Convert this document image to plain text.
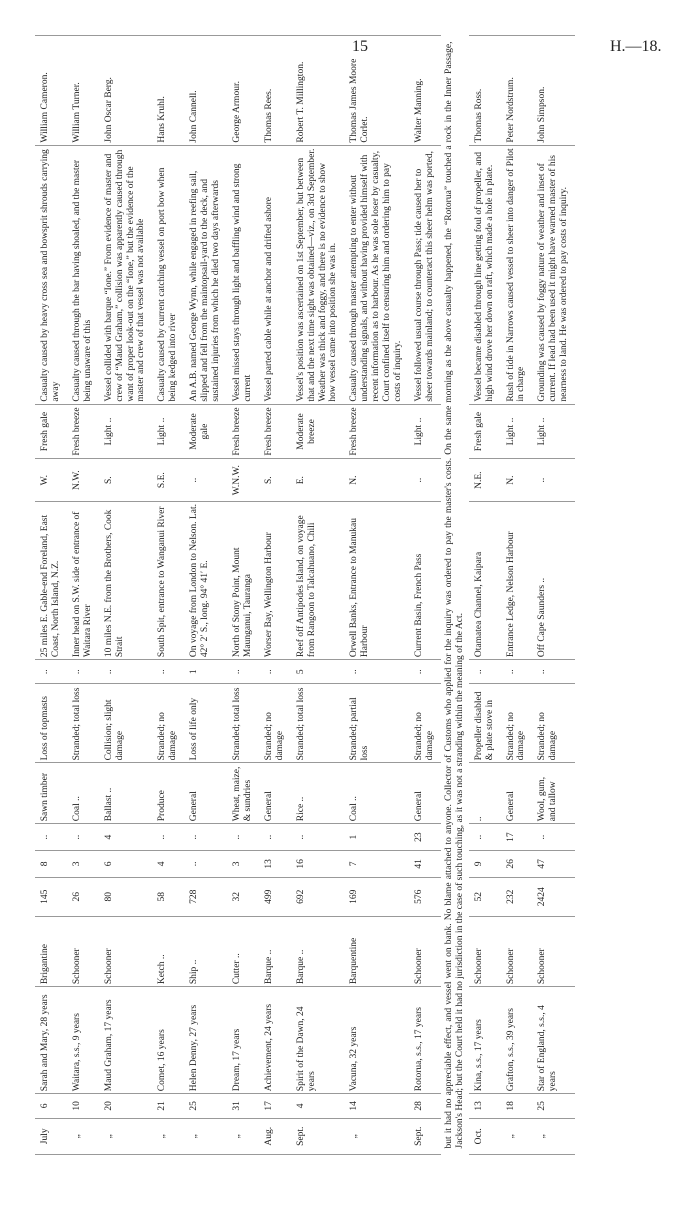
15	H.—18.
July	6	Sarah and Mary, 28 years	Brigantine	145	8	..	Sawn timber	Loss of topmasts	..	25 miles E. Gable-end Foreland, East Coast, North Island, N.Z.	W.	Fresh gale	Casualty caused by heavy cross sea and bowsprit shrouds carrying away	William Cameron.
„	10	Waitara, s.s., 9 years	Schooner	26	3	..	Coal ..	Stranded; total loss	..	Inner head on S.W. side of entrance of Waitara River	N.W.	Fresh breeze	Casualty caused through the bar having shoaled, and the master being unaware of this	William Turner.
„	20	Maud Graham, 17 years	Schooner	80	6	4	Ballast ..	Collision; slight damage	..	10 miles N.E. from the Brothers, Cook Strait	S.	Light ..	Vessel collided with barque “Ione.” From evidence of master and crew of “Maud Graham,” collision was apparently caused through want of proper look-out on the “Ione,” but the evidence of the master and crew of that vessel was not available	John Oscar Berg.
„	21	Comet, 16 years	Ketch ..	58	4	..	Produce	Stranded; no damage	..	South Spit, entrance to Wanganui River	S.E.	Light ..	Casualty caused by current catching vessel on port bow when being kedged into river	Hans Kruhl.
„	25	Helen Denny, 27 years	Ship ..	728	..	..	General	Loss of life only	1	On voyage from London to Nelson. Lat. 42° 2′ S., long. 94° 41′ E.	..	Moderate gale	An A.B. named George Wynn, while engaged in reefing sail, slipped and fell from the maintopsail-yard to the deck, and sustained injuries from which he died two days afterwards	John Cannell.
„	31	Dream, 17 years	Cutter ..	32	3	..	Wheat, maize, & sundries	Stranded; total loss	..	North of Stony Point, Mount Maunganui, Tauranga	W.N.W.	Fresh breeze	Vessel missed stays through light and baffling wind and strong current	George Armour.
Aug.	17	Achievement, 24 years	Barque ..	499	13	..	General	Stranded; no damage	..	Worser Bay, Wellington Harbour	S.	Fresh breeze	Vessel parted cable while at anchor and drifted ashore	Thomas Rees.
Sept.	4	Spirit of the Dawn, 24 years	Barque ..	692	16	..	Rice ..	Stranded; total loss	5	Reef off Antipodes Island, on voyage from Rangoon to Talcahuano, Chili	E.	Moderate breeze	Vessel's position was ascertained on 1st September, but between that and the next time sight was obtained—viz., on 3rd September. Weather was thick and foggy, and there is no evidence to show how vessel came into position she was in.	Robert T. Millington.
„	14	Vacuna, 32 years	Barquentine	169	7	1	Coal ..	Stranded; partial loss	..	Orwell Banks, Entrance to Manukau Harbour	N.	Fresh breeze	Casualty caused through master attempting to enter without understanding signals, and without having provided himself with recent information as to harbour. As he was sole loser by casualty, Court confined itself to censuring him and ordering him to pay costs of inquiry.	Thomas James Moore Corlet.
Sept.	28	Rotorua, s.s., 17 years	Schooner	576	41	23	General	Stranded; no damage	..	Current Basin, French Pass	..	Light ..	Vessel followed usual course through Pass; tide caused her to sheer towards mainland; to counteract this sheer helm was ported,	Walter Manning.
but it had no appreciable effect, and vessel went on bank. No blame attached to anyone. Collector of Customs who applied for the inquiry was ordered to pay the master's costs. On the same morning as the above casualty happened, the “Rotorua” touched a rock in the Inner Passage, Jackson's Head; but the Court held it had no jurisdiction in the case of such touching, as it was not a stranding within the meaning of the Act.														
Oct.	13	Kina, s.s., 17 years	Schooner	52	9	..	..	Propeller disabled & plate stove in	..	Otamatea Channel, Kaipara	N.E.	Fresh gale	Vessel became disabled through line getting foul of propeller, and high wind drove her down on raft, which made a hole in plate.	Thomas Ross.
„	18	Grafton, s.s., 39 years	Schooner	232	26	17	General	Stranded; no damage	..	Entrance Ledge, Nelson Harbour	N.	Light ..	Rush of tide in Narrows caused vessel to sheer into danger of Pilot in charge	Peter Nordstrum.
„	25	Star of England, s.s., 4 years	Schooner	2424	47	..	Wool, gum, and tallow	Stranded; no damage	..	Off Cape Saunders ..	..	Light ..	Grounding was caused by foggy nature of weather and inset of current. If lead had been used it might have warned master of his nearness to land. He was ordered to pay costs of inquiry.	John Simpson.
